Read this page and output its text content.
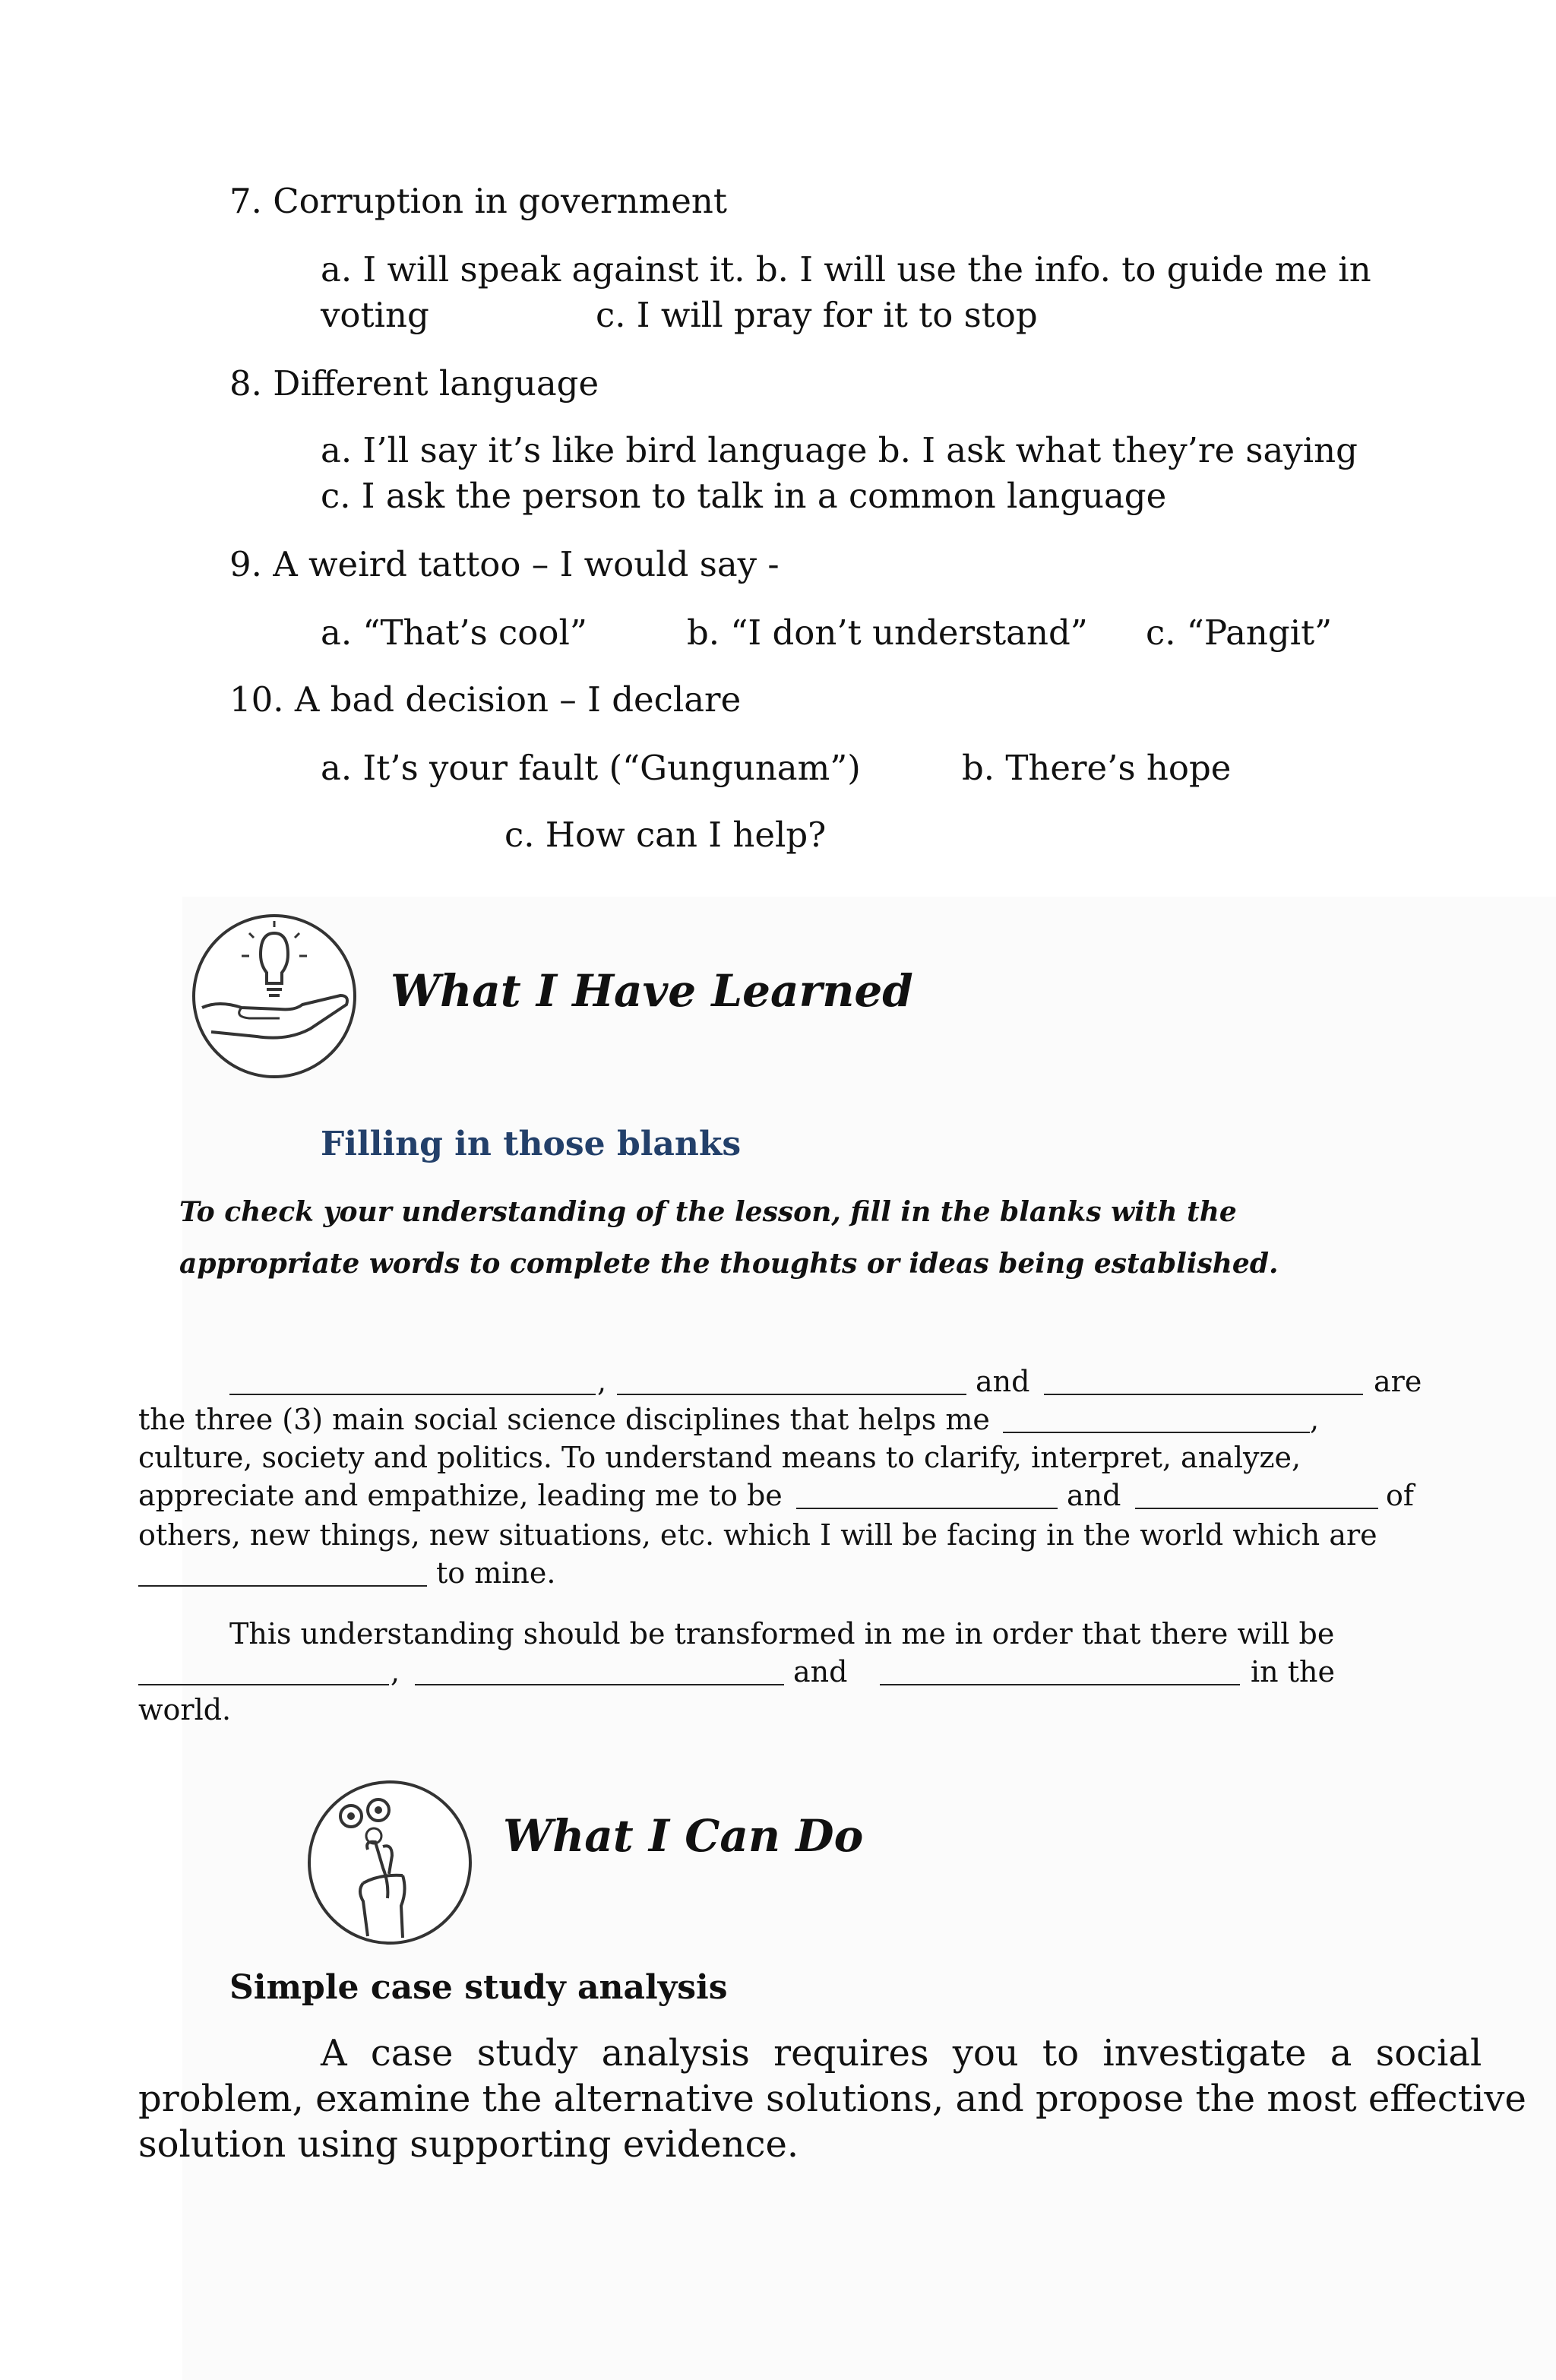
7. Corruption in government
a. I will speak against it. b. I will use the info. to guide me in
voting	c. I will pray for it to stop
8. Different language
a. I’ll say it’s like bird language b. I ask what they’re saying
c. I ask the person to talk in a common language
9. A weird tattoo – I would say -
a. “That’s cool”	b. “I don’t understand” c. “Pangit”
10. A bad decision – I declare
a. It’s your fault (“Gungunam”)	b. There’s hope
c. How can I help?
What I Have Learned
Filling in those blanks
To check your understanding of the lesson, fill in the blanks with the
appropriate words to complete the thoughts or ideas being established.
,	and	are
the three (3) main social science disciplines that helps me	,
culture, society and politics. To understand means to clarify, interpret, analyze,
appreciate and empathize, leading me to be	and	of
others, new things, new situations, etc. which I will be facing in the world which are
to mine.
This understanding should be transformed in me in order that there will be
,	and	in the
world.
What I Can Do
Simple case study analysis
A case study analysis requires you to investigate a social
problem, examine the alternative solutions, and propose the most effective
solution using supporting evidence.
